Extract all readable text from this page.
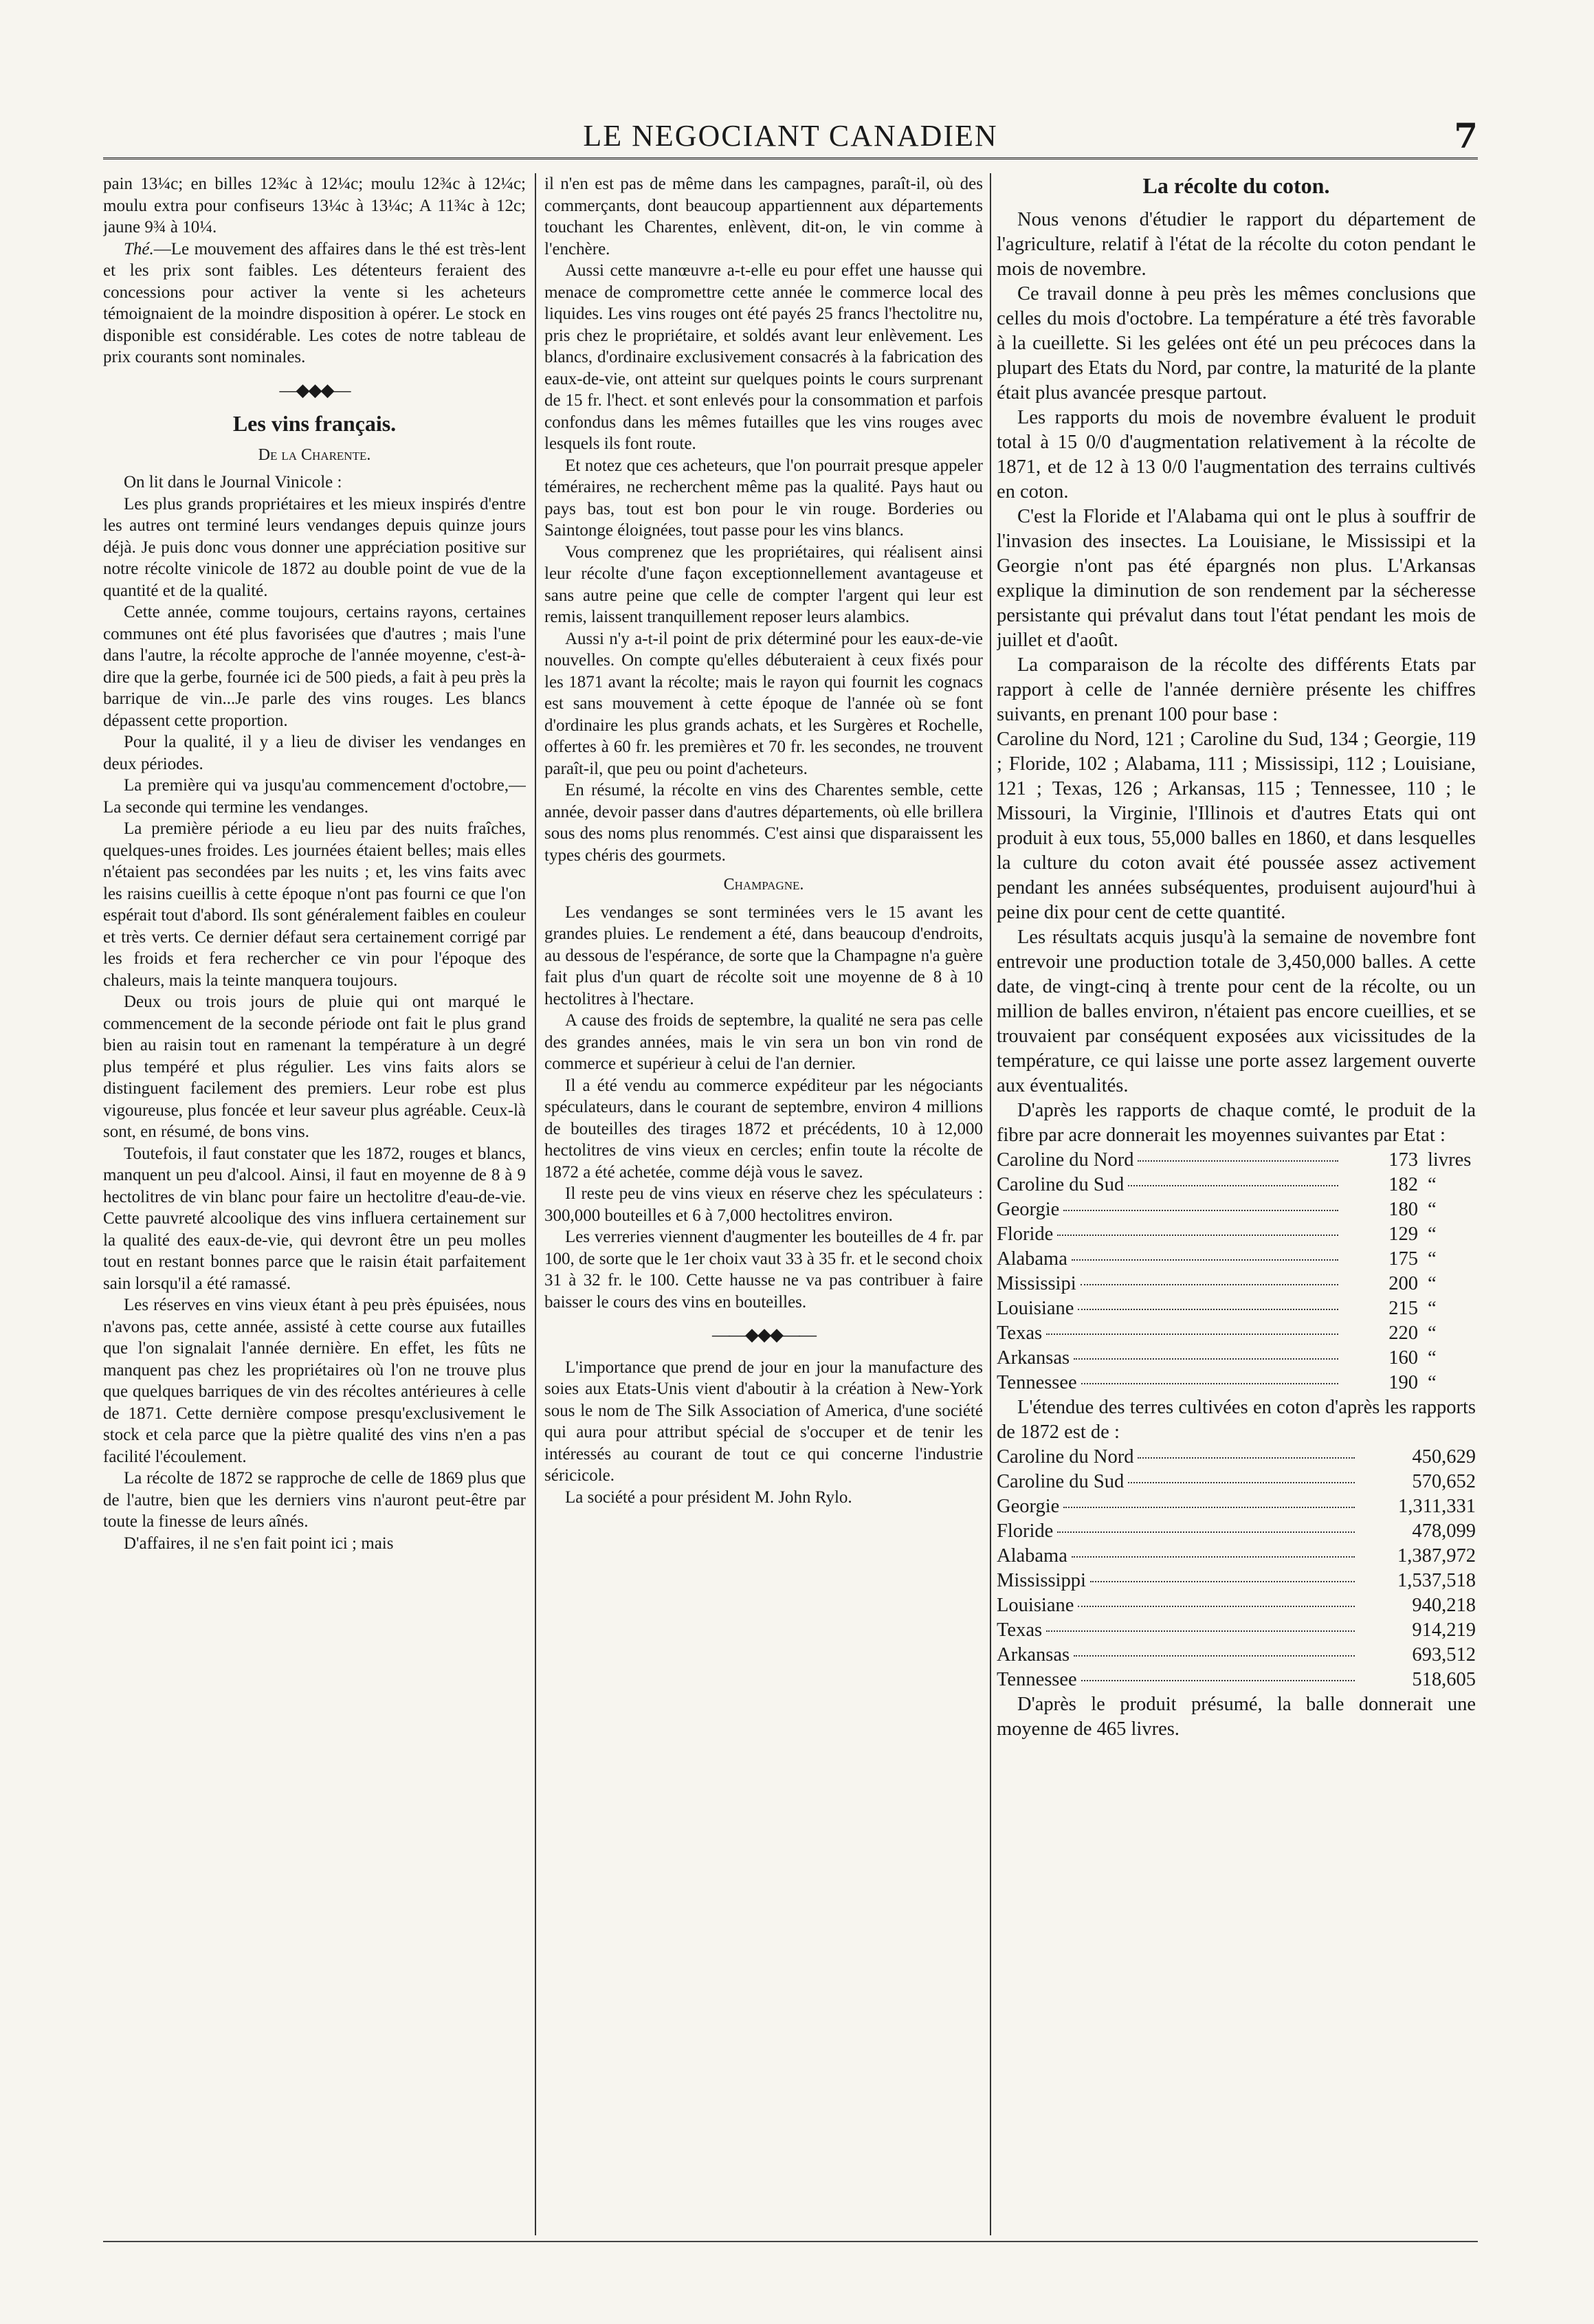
LE NEGOCIANT CANADIEN	7

pain 13¼c; en billes 12¾c à 12¼c; moulu 12¾c à 12¼c; moulu extra pour confiseurs 13¼c à 13¼c; A 11¾c à 12c; jaune 9¾ à 10¼.

Thé.—Le mouvement des affaires dans le thé est très-lent et les prix sont faibles. Les détenteurs feraient des concessions pour activer la vente si les acheteurs témoignaient de la moindre disposition à opérer. Le stock en disponible est considérable. Les cotes de notre tableau de prix courants sont nominales.

—◆◆◆—
Les vins français.
De la Charente.

On lit dans le Journal Vinicole :

Les plus grands propriétaires et les mieux inspirés d'entre les autres ont terminé leurs vendanges depuis quinze jours déjà. Je puis donc vous donner une appréciation positive sur notre récolte vinicole de 1872 au double point de vue de la quantité et de la qualité.

Cette année, comme toujours, certains rayons, certaines communes ont été plus favorisées que d'autres ; mais l'une dans l'autre, la récolte approche de l'année moyenne, c'est-à-dire que la gerbe, fournée ici de 500 pieds, a fait à peu près la barrique de vin...Je parle des vins rouges. Les blancs dépassent cette proportion.

Pour la qualité, il y a lieu de diviser les vendanges en deux périodes.

La première qui va jusqu'au commencement d'octobre,—La seconde qui termine les vendanges.

La première période a eu lieu par des nuits fraîches, quelques-unes froides. Les journées étaient belles; mais elles n'étaient pas secondées par les nuits ; et, les vins faits avec les raisins cueillis à cette époque n'ont pas fourni ce que l'on espérait tout d'abord. Ils sont généralement faibles en couleur et très verts. Ce dernier défaut sera certainement corrigé par les froids et fera rechercher ce vin pour l'époque des chaleurs, mais la teinte manquera toujours.

Deux ou trois jours de pluie qui ont marqué le commencement de la seconde période ont fait le plus grand bien au raisin tout en ramenant la température à un degré plus tempéré et plus régulier. Les vins faits alors se distinguent facilement des premiers. Leur robe est plus vigoureuse, plus foncée et leur saveur plus agréable. Ceux-là sont, en résumé, de bons vins.

Toutefois, il faut constater que les 1872, rouges et blancs, manquent un peu d'alcool. Ainsi, il faut en moyenne de 8 à 9 hectolitres de vin blanc pour faire un hectolitre d'eau-de-vie. Cette pauvreté alcoolique des vins influera certainement sur la qualité des eaux-de-vie, qui devront être un peu molles tout en restant bonnes parce que le raisin était parfaitement sain lorsqu'il a été ramassé.

Les réserves en vins vieux étant à peu près épuisées, nous n'avons pas, cette année, assisté à cette course aux futailles que l'on signalait l'année dernière. En effet, les fûts ne manquent pas chez les propriétaires où l'on ne trouve plus que quelques barriques de vin des récoltes antérieures à celle de 1871. Cette dernière compose presqu'exclusivement le stock et cela parce que la piètre qualité des vins n'en a pas facilité l'écoulement.

La récolte de 1872 se rapproche de celle de 1869 plus que de l'autre, bien que les derniers vins n'auront peut-être par toute la finesse de leurs aînés.

D'affaires, il ne s'en fait point ici ; mais

il n'en est pas de même dans les campagnes, paraît-il, où des commerçants, dont beaucoup appartiennent aux départements touchant les Charentes, enlèvent, dit-on, le vin comme à l'enchère.

Aussi cette manœuvre a-t-elle eu pour effet une hausse qui menace de compromettre cette année le commerce local des liquides. Les vins rouges ont été payés 25 francs l'hectolitre nu, pris chez le propriétaire, et soldés avant leur enlèvement. Les blancs, d'ordinaire exclusivement consacrés à la fabrication des eaux-de-vie, ont atteint sur quelques points le cours surprenant de 15 fr. l'hect. et sont enlevés pour la consommation et parfois confondus dans les mêmes futailles que les vins rouges avec lesquels ils font route.

Et notez que ces acheteurs, que l'on pourrait presque appeler téméraires, ne recherchent même pas la qualité. Pays haut ou pays bas, tout est bon pour le vin rouge. Borderies ou Saintonge éloignées, tout passe pour les vins blancs.

Vous comprenez que les propriétaires, qui réalisent ainsi leur récolte d'une façon exceptionnellement avantageuse et sans autre peine que celle de compter l'argent qui leur est remis, laissent tranquillement reposer leurs alambics.

Aussi n'y a-t-il point de prix déterminé pour les eaux-de-vie nouvelles. On compte qu'elles débuteraient à ceux fixés pour les 1871 avant la récolte; mais le rayon qui fournit les cognacs est sans mouvement à cette époque de l'année où se font d'ordinaire les plus grands achats, et les Surgères et Rochelle, offertes à 60 fr. les premières et 70 fr. les secondes, ne trouvent paraît-il, que peu ou point d'acheteurs.

En résumé, la récolte en vins des Charentes semble, cette année, devoir passer dans d'autres départements, où elle brillera sous des noms plus renommés. C'est ainsi que disparaissent les types chéris des gourmets.

Champagne.

Les vendanges se sont terminées vers le 15 avant les grandes pluies. Le rendement a été, dans beaucoup d'endroits, au dessous de l'espérance, de sorte que la Champagne n'a guère fait plus d'un quart de récolte soit une moyenne de 8 à 10 hectolitres à l'hectare.

A cause des froids de septembre, la qualité ne sera pas celle des grandes années, mais le vin sera un bon vin rond de commerce et supérieur à celui de l'an dernier.

Il a été vendu au commerce expéditeur par les négociants spéculateurs, dans le courant de septembre, environ 4 millions de bouteilles des tirages 1872 et précédents, 10 à 12,000 hectolitres de vins vieux en cercles; enfin toute la récolte de 1872 a été achetée, comme déjà vous le savez.

Il reste peu de vins vieux en réserve chez les spéculateurs : 300,000 bouteilles et 6 à 7,000 hectolitres environ.

Les verreries viennent d'augmenter les bouteilles de 4 fr. par 100, de sorte que le 1er choix vaut 33 à 35 fr. et le second choix 31 à 32 fr. le 100. Cette hausse ne va pas contribuer à faire baisser le cours des vins en bouteilles.

——◆◆◆——

L'importance que prend de jour en jour la manufacture des soies aux Etats-Unis vient d'aboutir à la création à New-York sous le nom de The Silk Association of America, d'une société qui aura pour attribut spécial de s'occuper et de tenir les intéressés au courant de tout ce qui concerne l'industrie séricicole.

La société a pour président M. John Rylo.

La récolte du coton.

Nous venons d'étudier le rapport du département de l'agriculture, relatif à l'état de la récolte du coton pendant le mois de novembre.

Ce travail donne à peu près les mêmes conclusions que celles du mois d'octobre. La température a été très favorable à la cueillette. Si les gelées ont été un peu précoces dans la plupart des Etats du Nord, par contre, la maturité de la plante était plus avancée presque partout.

Les rapports du mois de novembre évaluent le produit total à 15 0/0 d'augmentation relativement à la récolte de 1871, et de 12 à 13 0/0 l'augmentation des terrains cultivés en coton.

C'est la Floride et l'Alabama qui ont le plus à souffrir de l'invasion des insectes. La Louisiane, le Mississipi et la Georgie n'ont pas été épargnés non plus. L'Arkansas explique la diminution de son rendement par la sécheresse persistante qui prévalut dans tout l'état pendant les mois de juillet et d'août.

La comparaison de la récolte des différents Etats par rapport à celle de l'année dernière présente les chiffres suivants, en prenant 100 pour base :

Caroline du Nord, 121 ; Caroline du Sud, 134 ; Georgie, 119 ; Floride, 102 ; Alabama, 111 ; Mississipi, 112 ; Louisiane, 121 ; Texas, 126 ; Arkansas, 115 ; Tennessee, 110 ; le Missouri, la Virginie, l'Illinois et d'autres Etats qui ont produit à eux tous, 55,000 balles en 1860, et dans lesquelles la culture du coton avait été poussée assez activement pendant les années subséquentes, produisent aujourd'hui à peine dix pour cent de cette quantité.

Les résultats acquis jusqu'à la semaine de novembre font entrevoir une production totale de 3,450,000 balles. A cette date, de vingt-cinq à trente pour cent de la récolte, ou un million de balles environ, n'étaient pas encore cueillies, et se trouvaient par conséquent exposées aux vicissitudes de la température, ce qui laisse une porte assez largement ouverte aux éventualités.

D'après les rapports de chaque comté, le produit de la fibre par acre donnerait les moyennes suivantes par Etat :

Caroline du Nord	173 livres
Caroline du Sud	182 “
Georgie	180 “
Floride	129 “
Alabama	175 “
Mississipi	200 “
Louisiane	215 “
Texas	220 “
Arkansas	160 “
Tennessee	190 “

L'étendue des terres cultivées en coton d'après les rapports de 1872 est de :

Caroline du Nord	450,629
Caroline du Sud	570,652
Georgie	1,311,331
Floride	478,099
Alabama	1,387,972
Mississippi	1,537,518
Louisiane	940,218
Texas	914,219
Arkansas	693,512
Tennessee	518,605

D'après le produit présumé, la balle donnerait une moyenne de 465 livres.
